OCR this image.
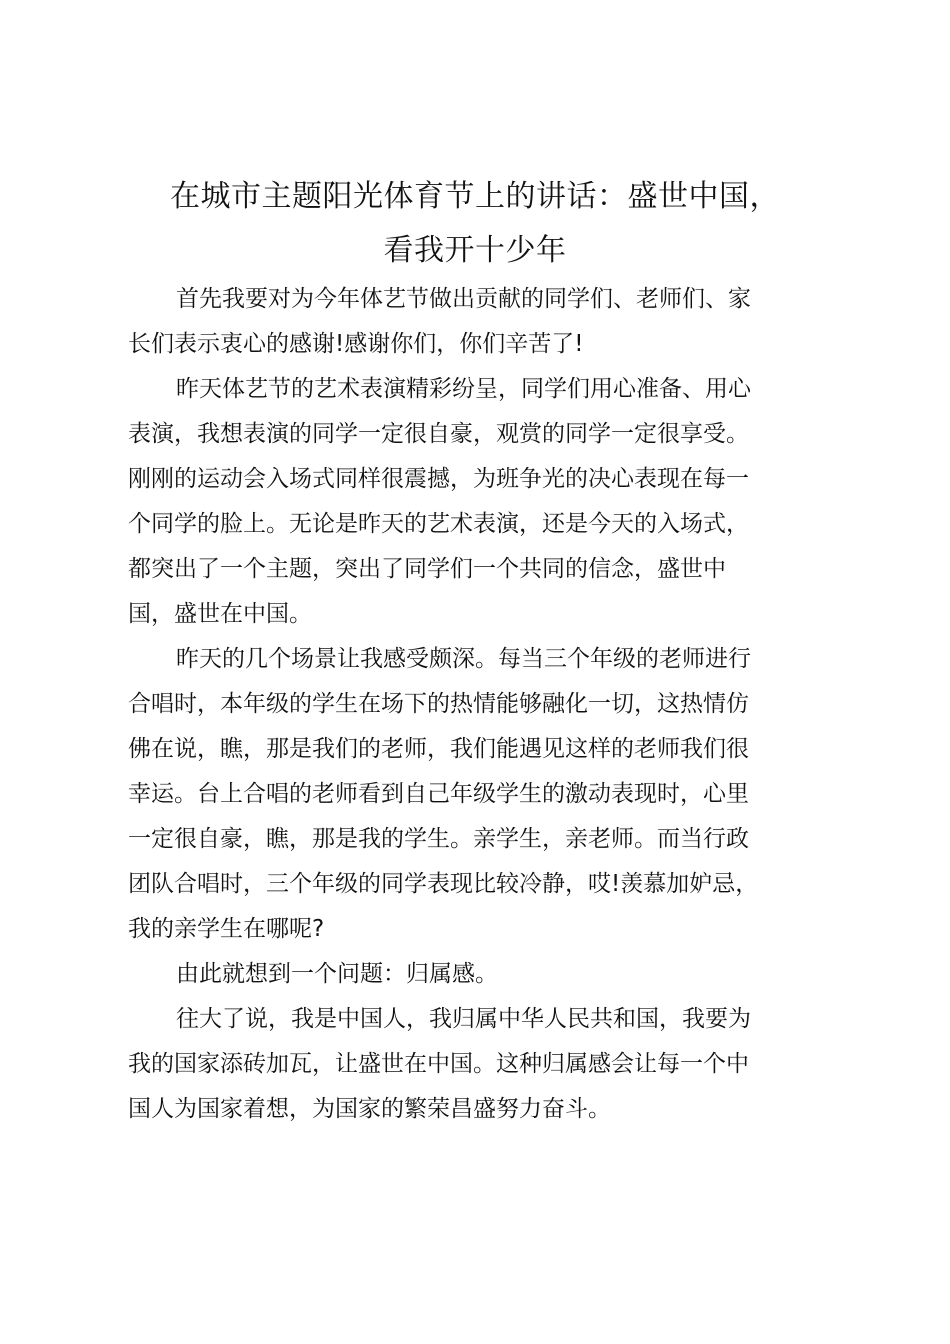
在城市主题阳光体育节上的讲话：盛世中国，
看我开十少年

首先我要对为今年体艺节做出贡献的同学们、老师们、家
长们表示衷心的感谢!感谢你们，你们辛苦了!

昨天体艺节的艺术表演精彩纷呈，同学们用心准备、用心
表演，我想表演的同学一定很自豪，观赏的同学一定很享受。
刚刚的运动会入场式同样很震撼，为班争光的决心表现在每一
个同学的脸上。无论是昨天的艺术表演，还是今天的入场式，
都突出了一个主题，突出了同学们一个共同的信念，盛世中
国，盛世在中国。

昨天的几个场景让我感受颇深。每当三个年级的老师进行
合唱时，本年级的学生在场下的热情能够融化一切，这热情仿
佛在说，瞧，那是我们的老师，我们能遇见这样的老师我们很
幸运。台上合唱的老师看到自己年级学生的激动表现时，心里
一定很自豪，瞧，那是我的学生。亲学生，亲老师。而当行政
团队合唱时，三个年级的同学表现比较冷静，哎!羡慕加妒忌，
我的亲学生在哪呢?

由此就想到一个问题：归属感。

往大了说，我是中国人，我归属中华人民共和国，我要为
我的国家添砖加瓦，让盛世在中国。这种归属感会让每一个中
国人为国家着想，为国家的繁荣昌盛努力奋斗。
